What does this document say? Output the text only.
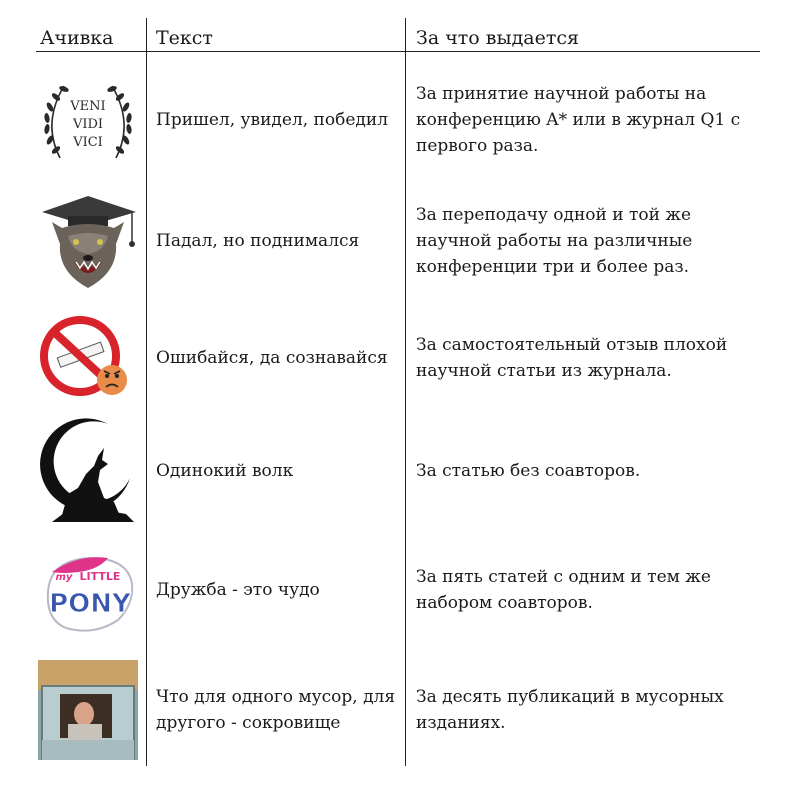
Ачивка Текст	За что выдается
VENI
VIDI
VICI
Пришел, увидел, победил
За принятие научной работы на конференцию A* или в журнал Q1 с первого раза.
Падал, но поднимался
За переподачу одной и той же научной работы на различные конференции три и более раз.
Ошибайся, да сознавайся
За самостоятельный отзыв плохой научной статьи из журнала.
Одинокий волк	За статью без соавторов.
my LITTLE
PONY Дружба - это чудо
За пять статей с одним и тем же набором соавторов.
Что для одного мусор, для другого - сокровище
За десять публикаций в мусорных изданиях.
